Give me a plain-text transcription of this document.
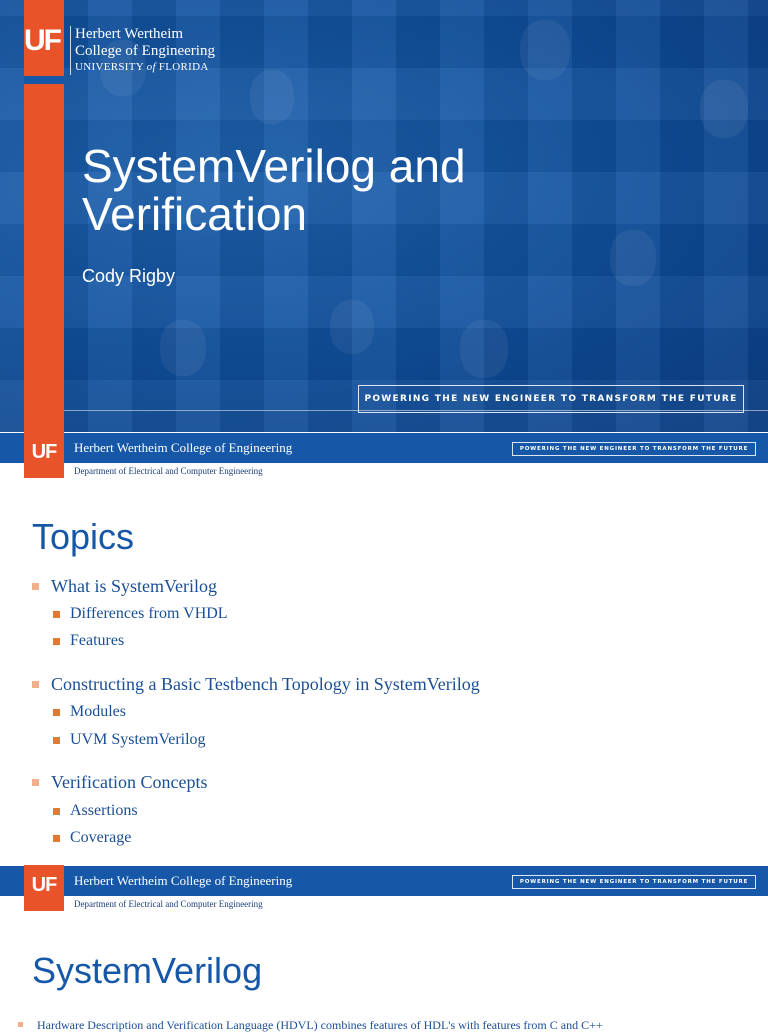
UF Herbert Wertheim
College of Engineering
UNIVERSITY of FLORIDA
SystemVerilog and
Verification
Cody Rigby
POWERING THE NEW ENGINEER TO TRANSFORM THE FUTURE
Herbert Wertheim College of Engineering	POWERING THE NEW ENGINEER TO TRANSFORM THE FUTURE
UF
Department of Electrical and Computer Engineering
Topics
What is SystemVerilog
Differences from VHDL
Features
Constructing a Basic Testbench Topology in SystemVerilog
Modules
UVM SystemVerilog
Verification Concepts
Assertions
Coverage
Herbert Wertheim College of Engineering	POWERING THE NEW ENGINEER TO TRANSFORM THE FUTURE
UF
Department of Electrical and Computer Engineering
SystemVerilog
Hardware Description and Verification Language (HDVL) combines features of HDL's with features from C and C++
